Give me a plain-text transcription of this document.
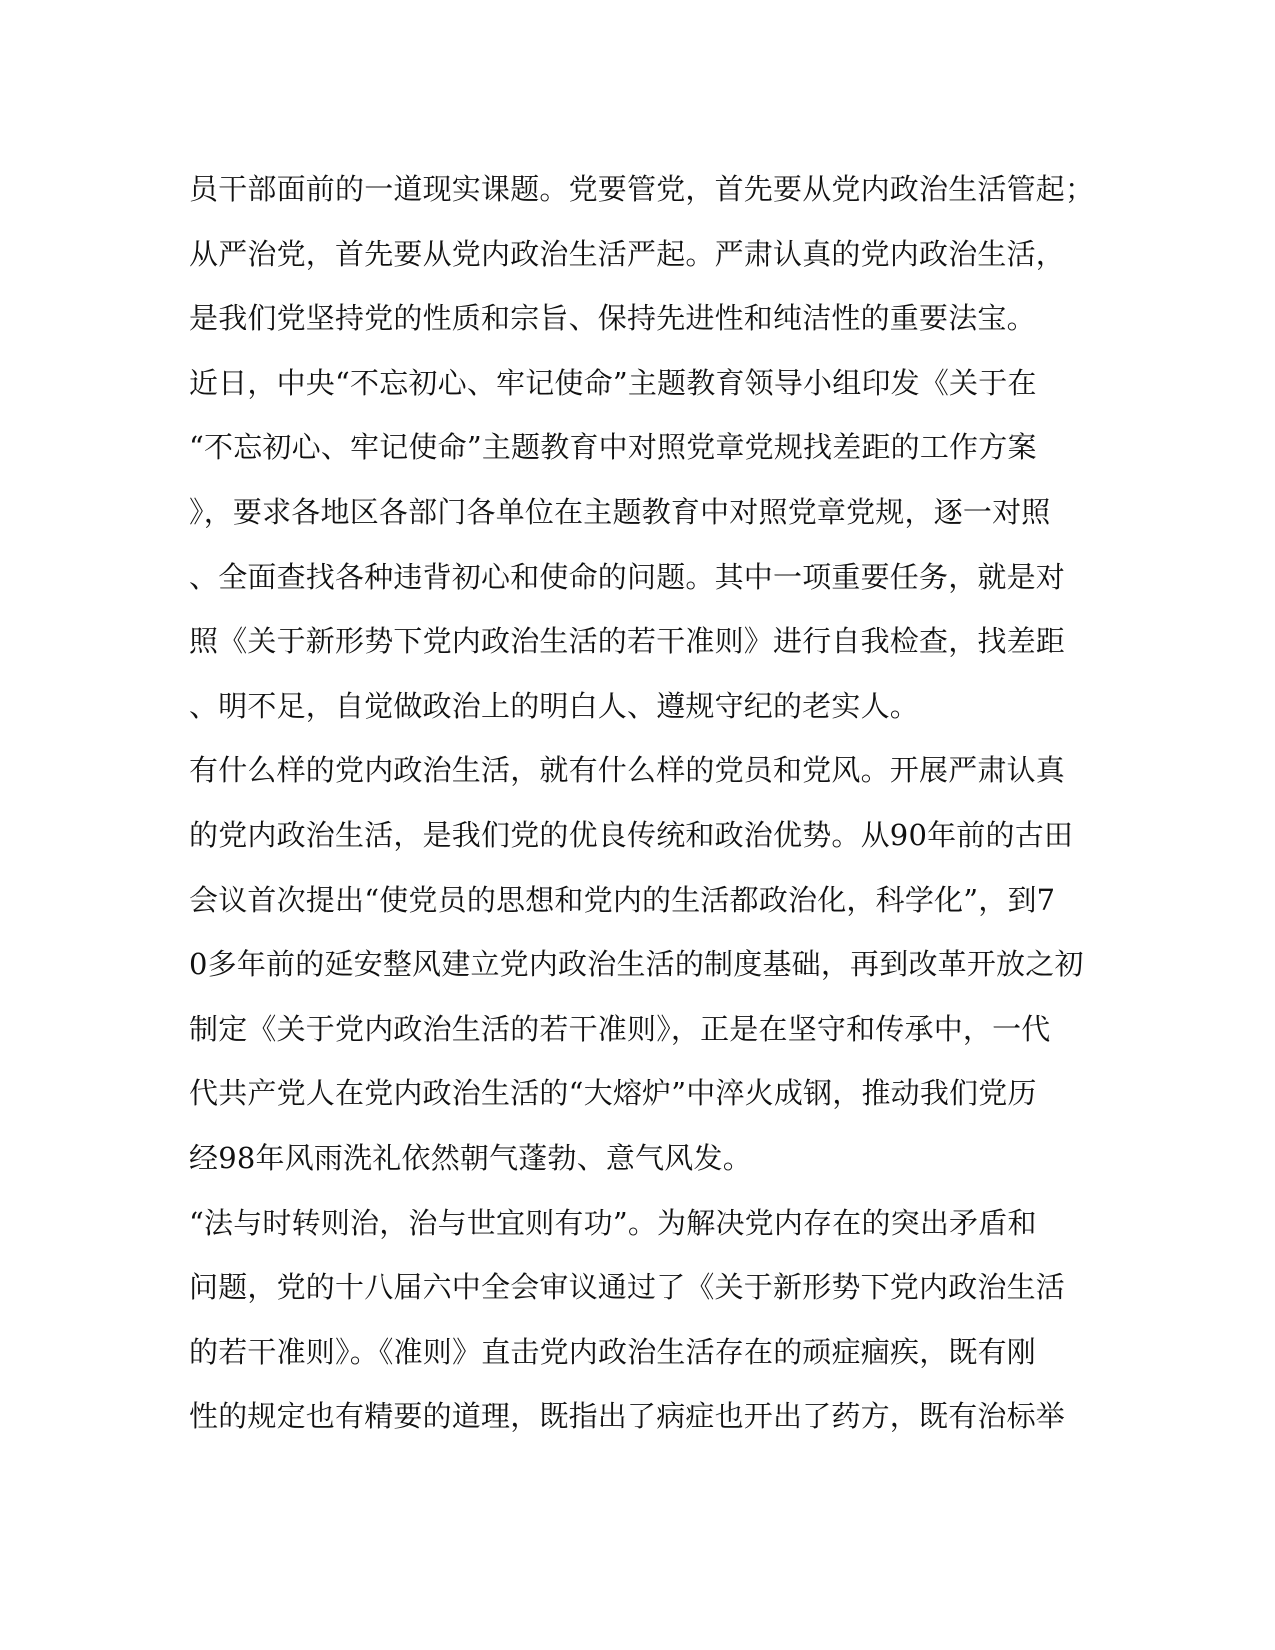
员干部面前的一道现实课题。党要管党，首先要从党内政治生活管起；
从严治党，首先要从党内政治生活严起。严肃认真的党内政治生活，
是我们党坚持党的性质和宗旨、保持先进性和纯洁性的重要法宝。
近日，中央“不忘初心、牢记使命”主题教育领导小组印发《关于在
“不忘初心、牢记使命”主题教育中对照党章党规找差距的工作方案
》，要求各地区各部门各单位在主题教育中对照党章党规，逐一对照
、全面查找各种违背初心和使命的问题。其中一项重要任务，就是对
照《关于新形势下党内政治生活的若干准则》进行自我检查，找差距
、明不足，自觉做政治上的明白人、遵规守纪的老实人。
有什么样的党内政治生活，就有什么样的党员和党风。开展严肃认真
的党内政治生活，是我们党的优良传统和政治优势。从90年前的古田
会议首次提出“使党员的思想和党内的生活都政治化，科学化”，到7
0多年前的延安整风建立党内政治生活的制度基础，再到改革开放之初
制定《关于党内政治生活的若干准则》，正是在坚守和传承中，一代
代共产党人在党内政治生活的“大熔炉”中淬火成钢，推动我们党历
经98年风雨洗礼依然朝气蓬勃、意气风发。
“法与时转则治，治与世宜则有功”。为解决党内存在的突出矛盾和
问题，党的十八届六中全会审议通过了《关于新形势下党内政治生活
的若干准则》。《准则》直击党内政治生活存在的顽症痼疾，既有刚
性的规定也有精要的道理，既指出了病症也开出了药方，既有治标举
